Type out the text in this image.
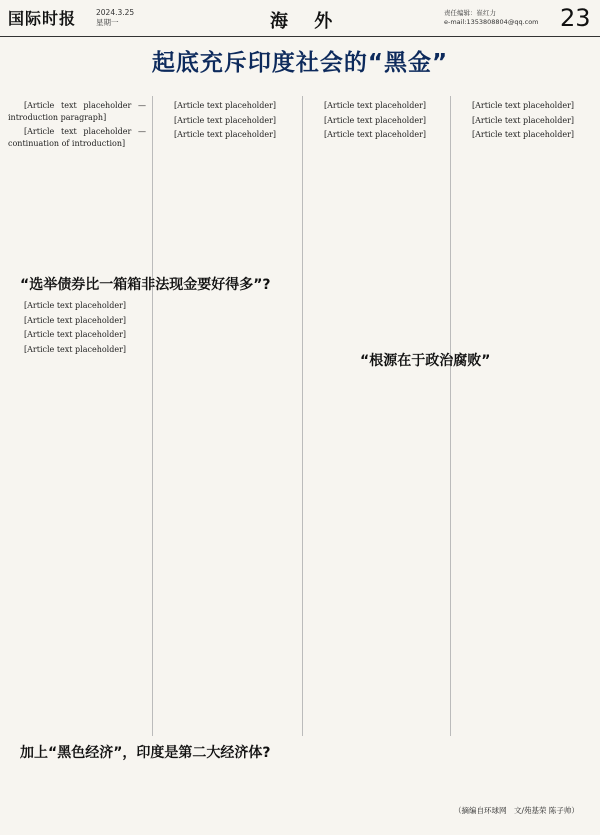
国际时报	2024.3.25
星期一	海 外	责任编辑：崔红力
e-mail:1353808804@qq.com 23
起底充斥印度社会的“黑金”

[Article text placeholder — introduction paragraph]

[Article text placeholder — continuation of introduction]

“选举债券比一箱箱非法现金要好得多”?

[Article text placeholder]

[Article text placeholder]

[Article text placeholder]

[Article text placeholder]

[Article text placeholder]

[Article text placeholder]

[Article text placeholder]

[Article text placeholder]

[Article text placeholder]

[Article text placeholder]

“根源在于政治腐败”

[Article text placeholder]

[Article text placeholder]

[Article text placeholder]

加上“黑色经济”，印度是第二大经济体?
（摘编自环球网　文/苑基荣 陈子帅）
